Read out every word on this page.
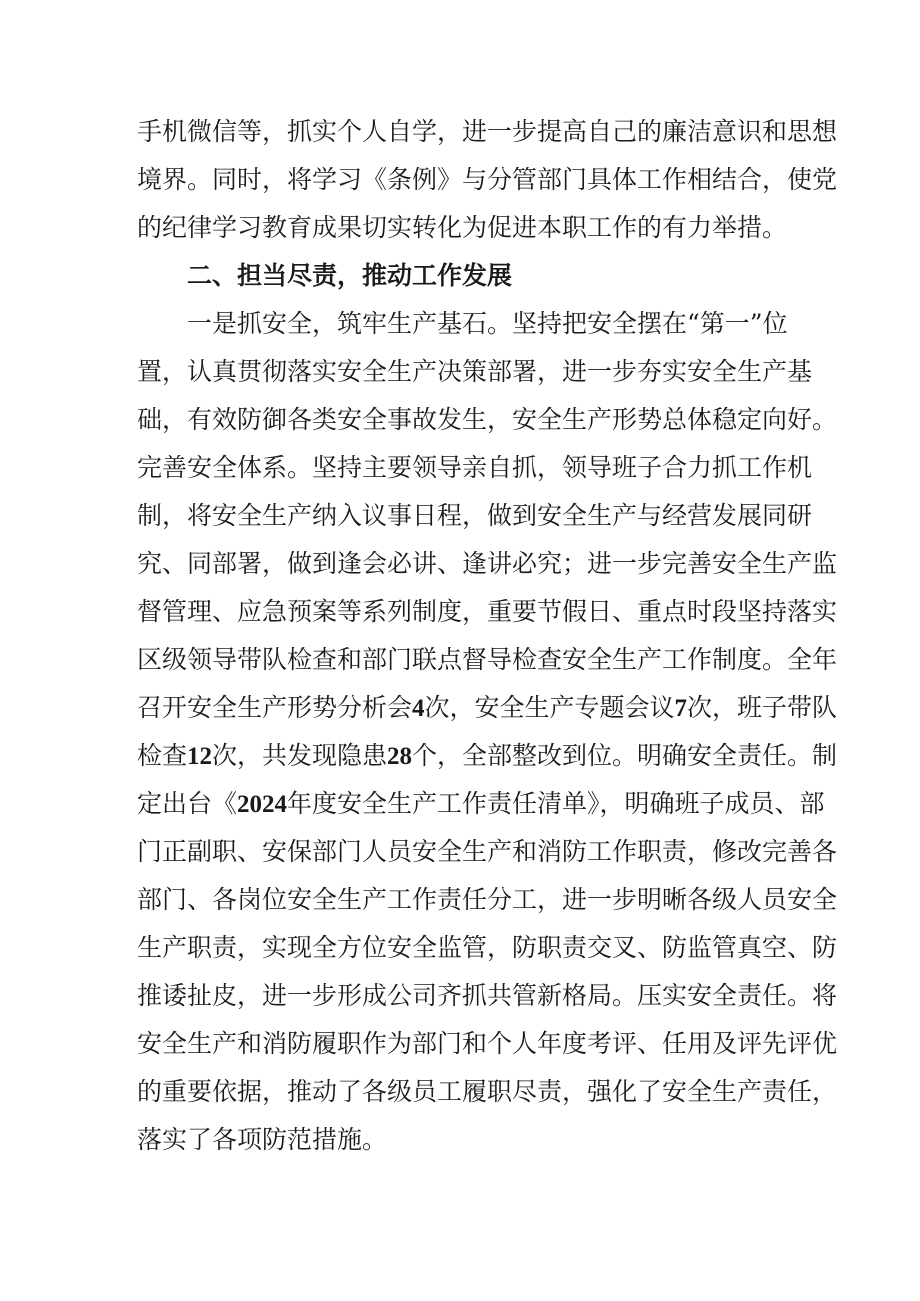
手机微信等，抓实个人自学，进一步提高自己的廉洁意识和思想
境界。同时，将学习《条例》与分管部门具体工作相结合，使党
的纪律学习教育成果切实转化为促进本职工作的有力举措。
二、担当尽责，推动工作发展
一是抓安全，筑牢生产基石。坚持把安全摆在“第一”位
置，认真贯彻落实安全生产决策部署，进一步夯实安全生产基
础，有效防御各类安全事故发生，安全生产形势总体稳定向好。
完善安全体系。坚持主要领导亲自抓，领导班子合力抓工作机
制，将安全生产纳入议事日程，做到安全生产与经营发展同研
究、同部署，做到逢会必讲、逢讲必究；进一步完善安全生产监
督管理、应急预案等系列制度，重要节假日、重点时段坚持落实
区级领导带队检查和部门联点督导检查安全生产工作制度。全年
召开安全生产形势分析会4次，安全生产专题会议7次，班子带队
检查12次，共发现隐患28个，全部整改到位。明确安全责任。制
定出台《2024年度安全生产工作责任清单》，明确班子成员、部
门正副职、安保部门人员安全生产和消防工作职责，修改完善各
部门、各岗位安全生产工作责任分工，进一步明晰各级人员安全
生产职责，实现全方位安全监管，防职责交叉、防监管真空、防
推诿扯皮，进一步形成公司齐抓共管新格局。压实安全责任。将
安全生产和消防履职作为部门和个人年度考评、任用及评先评优
的重要依据，推动了各级员工履职尽责，强化了安全生产责任，
落实了各项防范措施。
